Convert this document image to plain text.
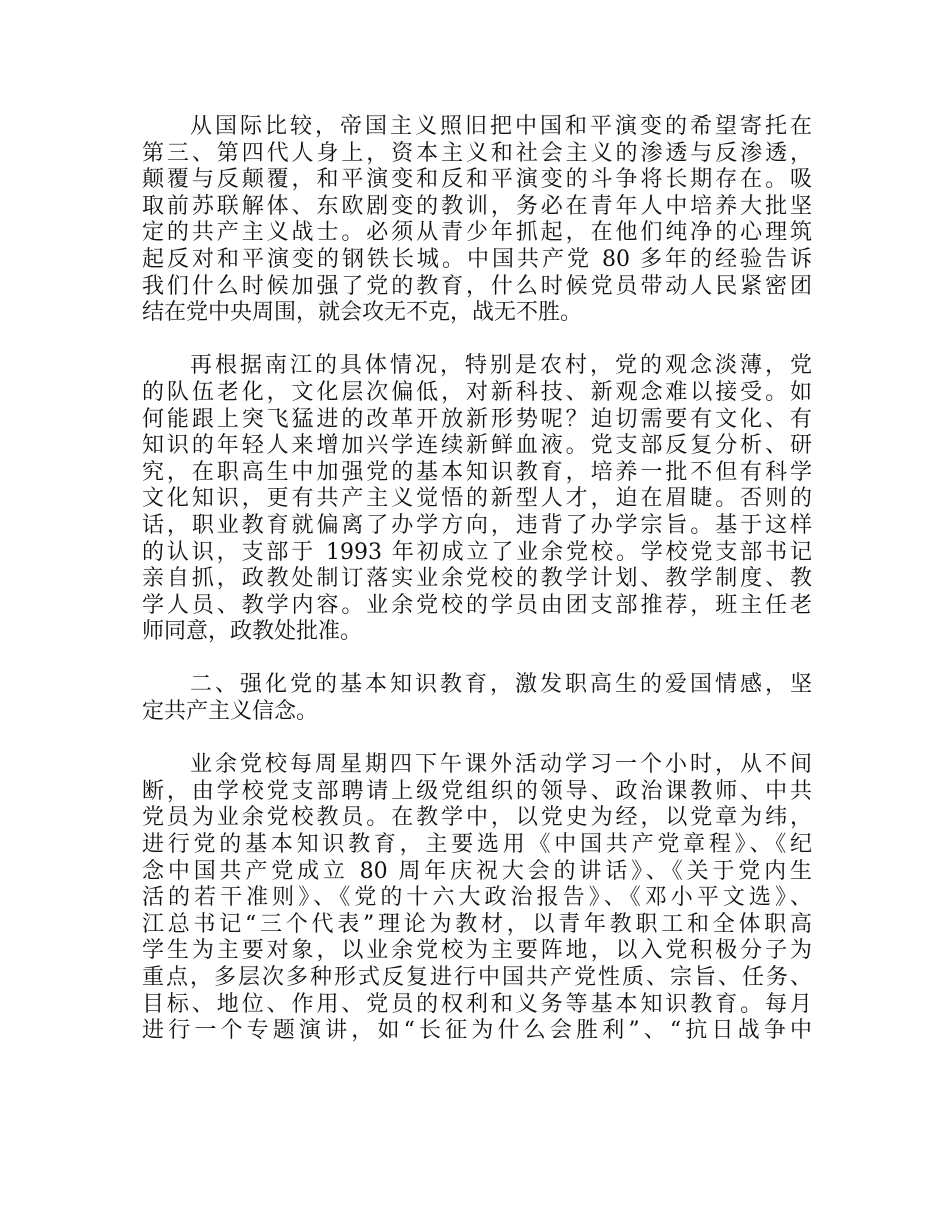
从国际比较，帝国主义照旧把中国和平演变的希望寄托在
第三、第四代人身上，资本主义和社会主义的渗透与反渗透，
颠覆与反颠覆，和平演变和反和平演变的斗争将长期存在。吸
取前苏联解体、东欧剧变的教训，务必在青年人中培养大批坚
定的共产主义战士。必须从青少年抓起，在他们纯净的心理筑
起反对和平演变的钢铁长城。中国共产党 80 多年的经验告诉
我们什么时候加强了党的教育，什么时候党员带动人民紧密团
结在党中央周围，就会攻无不克，战无不胜。
再根据南江的具体情况，特别是农村，党的观念淡薄，党
的队伍老化，文化层次偏低，对新科技、新观念难以接受。如
何能跟上突飞猛进的改革开放新形势呢？迫切需要有文化、有
知识的年轻人来增加兴学连续新鲜血液。党支部反复分析、研
究，在职高生中加强党的基本知识教育，培养一批不但有科学
文化知识，更有共产主义觉悟的新型人才，迫在眉睫。否则的
话，职业教育就偏离了办学方向，违背了办学宗旨。基于这样
的认识，支部于 1993 年初成立了业余党校。学校党支部书记
亲自抓，政教处制订落实业余党校的教学计划、教学制度、教
学人员、教学内容。业余党校的学员由团支部推荐，班主任老
师同意，政教处批准。
二、强化党的基本知识教育，激发职高生的爱国情感，坚
定共产主义信念。
业余党校每周星期四下午课外活动学习一个小时，从不间
断，由学校党支部聘请上级党组织的领导、政治课教师、中共
党员为业余党校教员。在教学中，以党史为经，以党章为纬，
进行党的基本知识教育，主要选用《中国共产党章程》、《纪
念中国共产党成立 80 周年庆祝大会的讲话》、《关于党内生
活的若干准则》、《党的十六大政治报告》、《邓小平文选》、
江总书记“三个代表”理论为教材，以青年教职工和全体职高
学生为主要对象，以业余党校为主要阵地，以入党积极分子为
重点，多层次多种形式反复进行中国共产党性质、宗旨、任务、
目标、地位、作用、党员的权利和义务等基本知识教育。每月
进行一个专题演讲，如“长征为什么会胜利”、“抗日战争中
